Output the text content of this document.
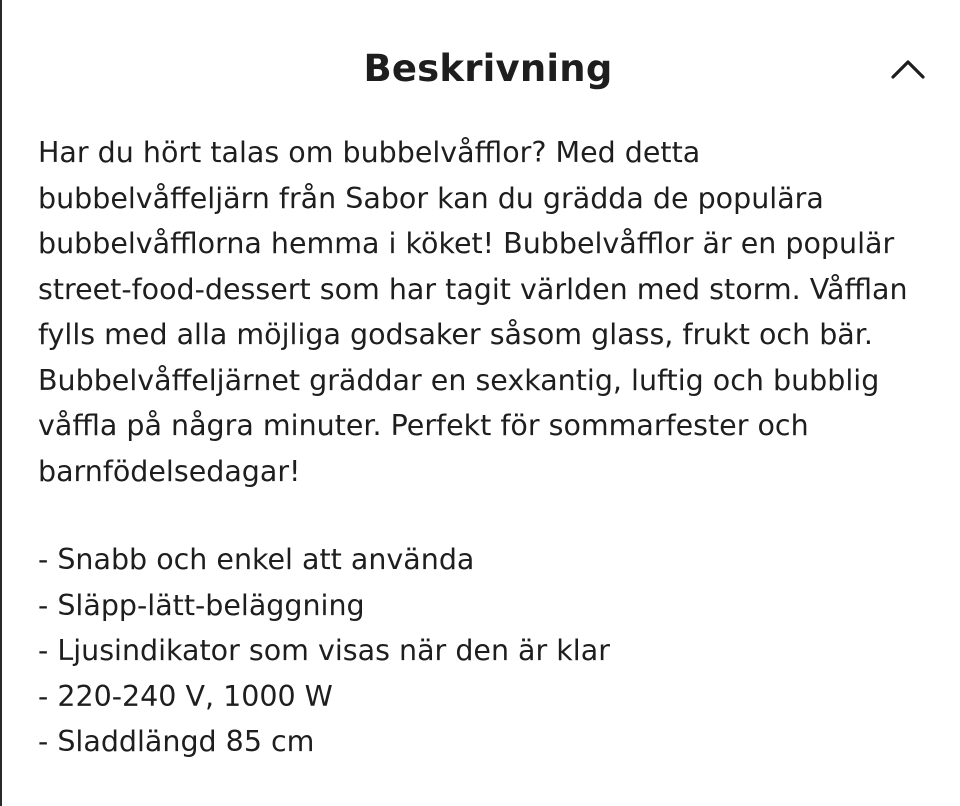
Beskrivning
Har du hört talas om bubbelvåfflor? Med detta
bubbelvåffeljärn från Sabor kan du grädda de populära
bubbelvåfflorna hemma i köket! Bubbelvåfflor är en populär
street-food-dessert som har tagit världen med storm. Våfflan
fylls med alla möjliga godsaker såsom glass, frukt och bär.
Bubbelvåffeljärnet gräddar en sexkantig, luftig och bubblig
våffla på några minuter. Perfekt för sommarfester och
barnfödelsedagar!
- Snabb och enkel att använda
- Släpp-lätt-beläggning
- Ljusindikator som visas när den är klar
- 220-240 V, 1000 W
- Sladdlängd 85 cm
